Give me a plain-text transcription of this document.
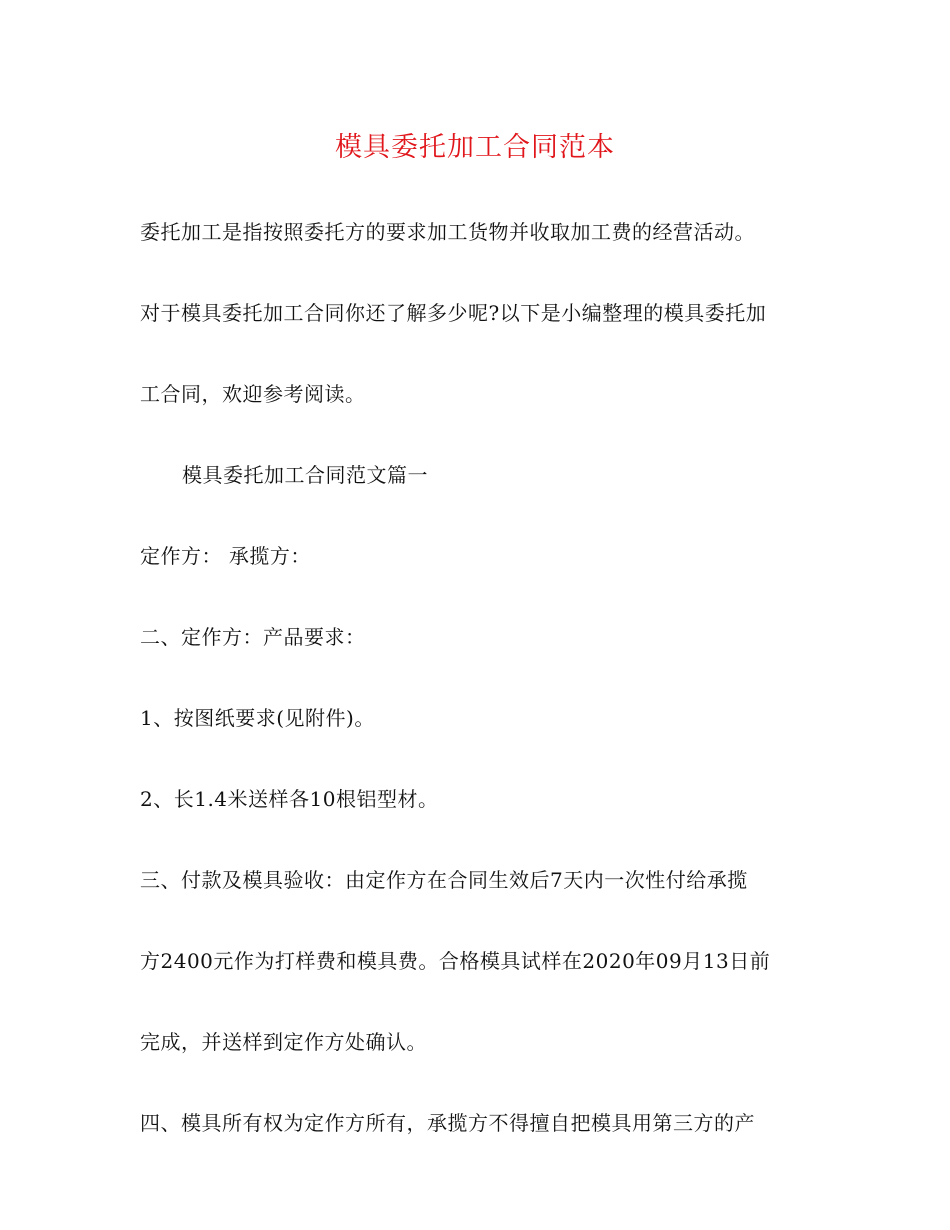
模具委托加工合同范本
委托加工是指按照委托方的要求加工货物并收取加工费的经营活动。
对于模具委托加工合同你还了解多少呢?以下是小编整理的模具委托加
工合同，欢迎参考阅读。
模具委托加工合同范文篇一
定作方： 承揽方：
二、定作方：产品要求：
1、按图纸要求(见附件)。
2、长1.4米送样各10根铝型材。
三、付款及模具验收：由定作方在合同生效后7天内一次性付给承揽
方2400元作为打样费和模具费。合格模具试样在2020年09月13日前
完成，并送样到定作方处确认。
四、模具所有权为定作方所有，承揽方不得擅自把模具用第三方的产
